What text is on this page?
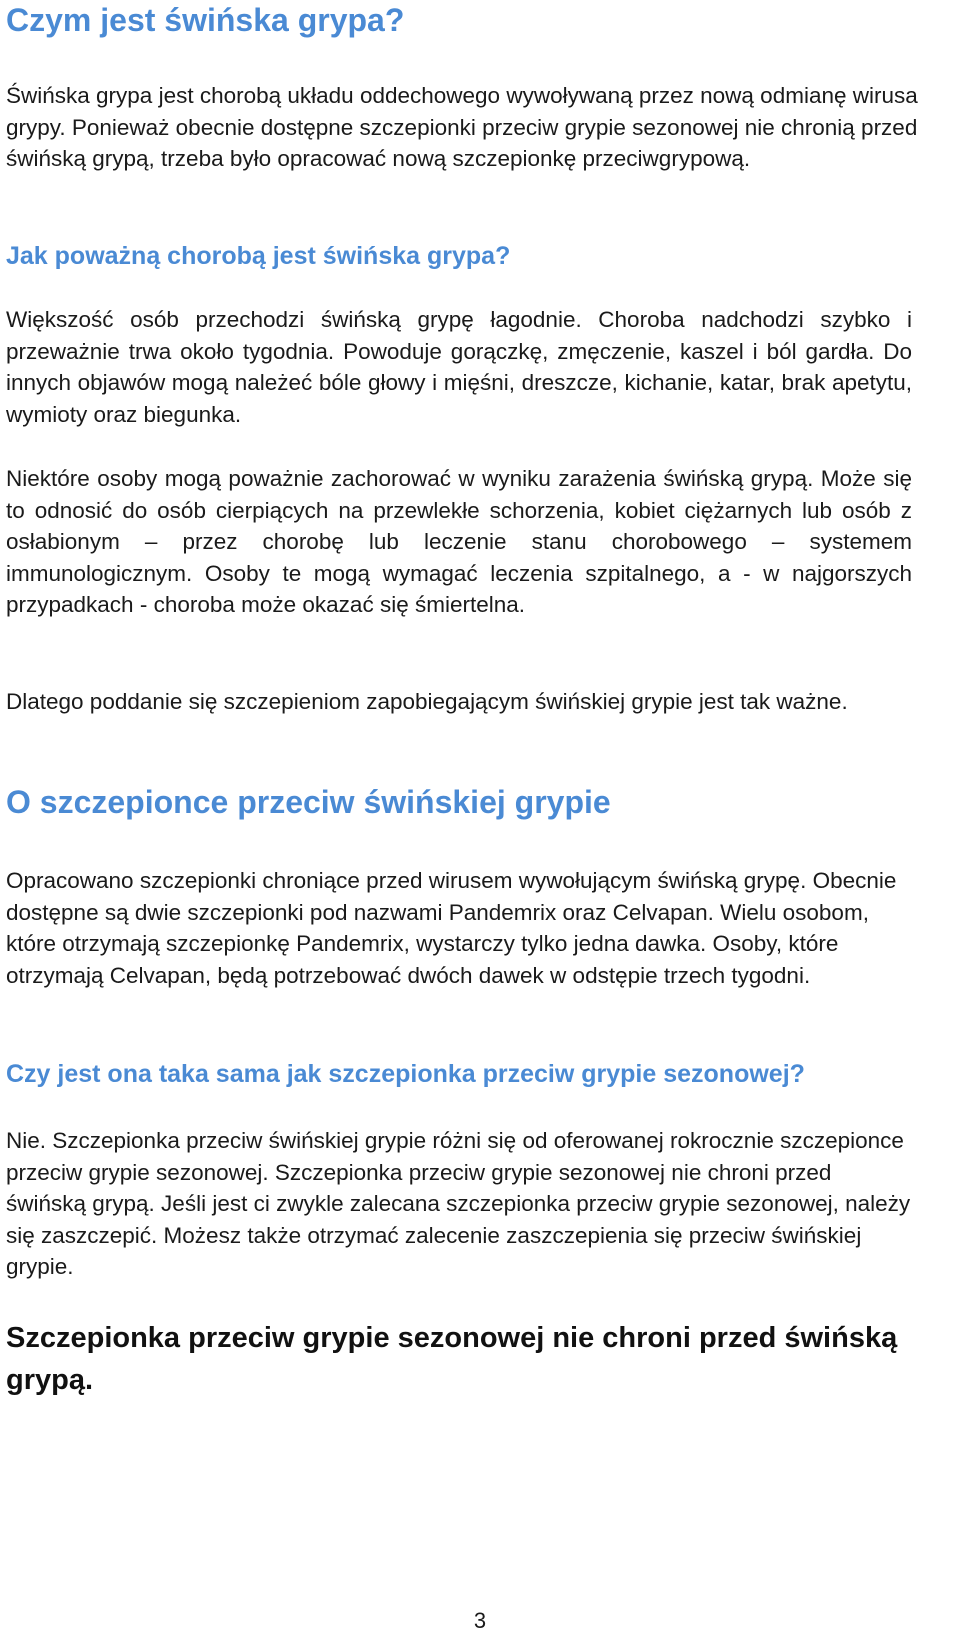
Czym jest świńska grypa?

Świńska grypa jest chorobą układu oddechowego wywoływaną przez nową odmianę wirusa grypy. Ponieważ obecnie dostępne szczepionki przeciw grypie sezonowej nie chronią przed świńską grypą, trzeba było opracować nową szczepionkę przeciwgrypową.

Jak poważną chorobą jest świńska grypa?

Większość osób przechodzi świńską grypę łagodnie. Choroba nadchodzi szybko i przeważnie trwa około tygodnia. Powoduje gorączkę, zmęczenie, kaszel i ból gardła. Do innych objawów mogą należeć bóle głowy i mięśni, dreszcze, kichanie, katar, brak apetytu, wymioty oraz biegunka.

Niektóre osoby mogą poważnie zachorować w wyniku zarażenia świńską grypą. Może się to odnosić do osób cierpiących na przewlekłe schorzenia, kobiet ciężarnych lub osób z osłabionym – przez chorobę lub leczenie stanu chorobowego – systemem immunologicznym. Osoby te mogą wymagać leczenia szpitalnego, a - w najgorszych przypadkach - choroba może okazać się śmiertelna.

Dlatego poddanie się szczepieniom zapobiegającym świńskiej grypie jest tak ważne.

O szczepionce przeciw świńskiej grypie

Opracowano szczepionki chroniące przed wirusem wywołującym świńską grypę. Obecnie dostępne są dwie szczepionki pod nazwami Pandemrix oraz Celvapan. Wielu osobom, które otrzymają szczepionkę Pandemrix, wystarczy tylko jedna dawka. Osoby, które otrzymają Celvapan, będą potrzebować dwóch dawek w odstępie trzech tygodni.

Czy jest ona taka sama jak szczepionka przeciw grypie sezonowej?

Nie. Szczepionka przeciw świńskiej grypie różni się od oferowanej rokrocznie szczepionce przeciw grypie sezonowej. Szczepionka przeciw grypie sezonowej nie chroni przed świńską grypą. Jeśli jest ci zwykle zalecana szczepionka przeciw grypie sezonowej, należy się zaszczepić. Możesz także otrzymać zalecenie zaszczepienia się przeciw świńskiej grypie.

Szczepionka przeciw grypie sezonowej nie chroni przed świńską grypą.
3
